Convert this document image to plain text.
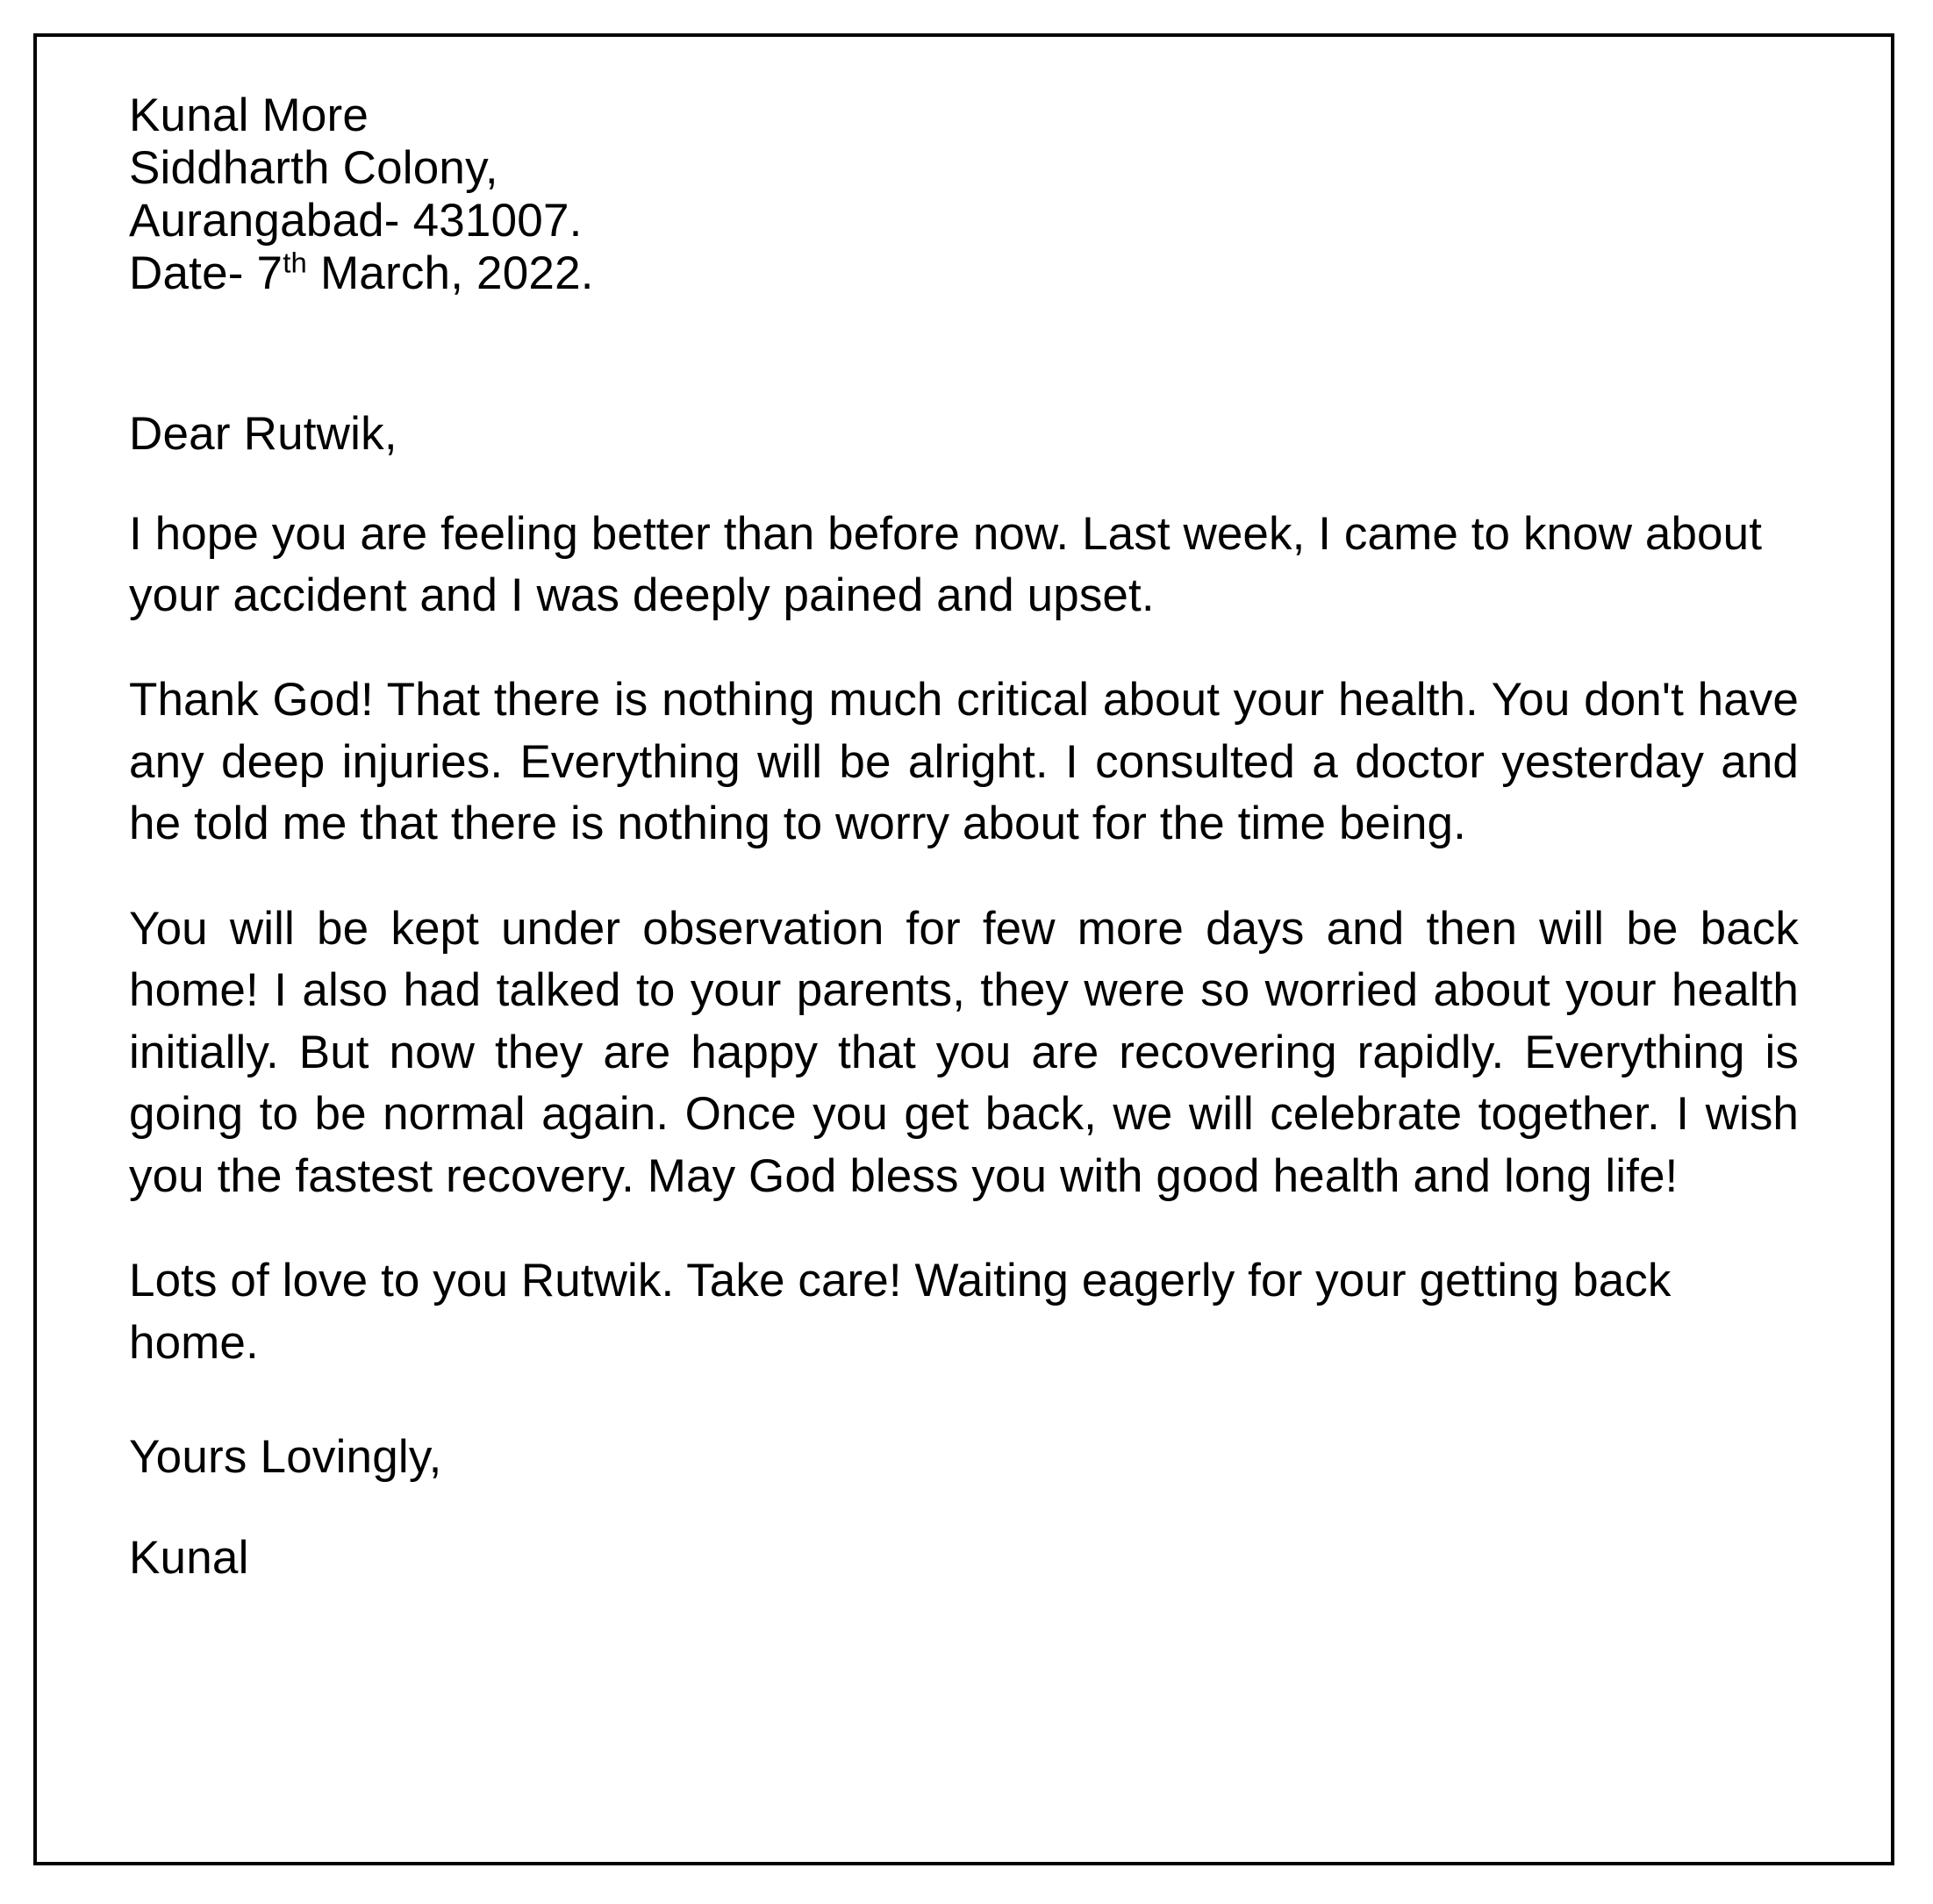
Kunal More
Siddharth Colony,
Aurangabad- 431007.
Date- 7th March, 2022.
Dear Rutwik,

I hope you are feeling better than before now. Last week, I came to know about your accident and I was deeply pained and upset.

Thank God! That there is nothing much critical about your health. You don't have any deep injuries. Everything will be alright. I consulted a doctor yesterday and he told me that there is nothing to worry about for the time being.

You will be kept under observation for few more days and then will be back home! I also had talked to your parents, they were so worried about your health initially. But now they are happy that you are recovering rapidly. Everything is going to be normal again. Once you get back, we will celebrate together. I wish you the fastest recovery. May God bless you with good health and long life!

Lots of love to you Rutwik. Take care! Waiting eagerly for your getting back home.

Yours Lovingly,
Kunal
